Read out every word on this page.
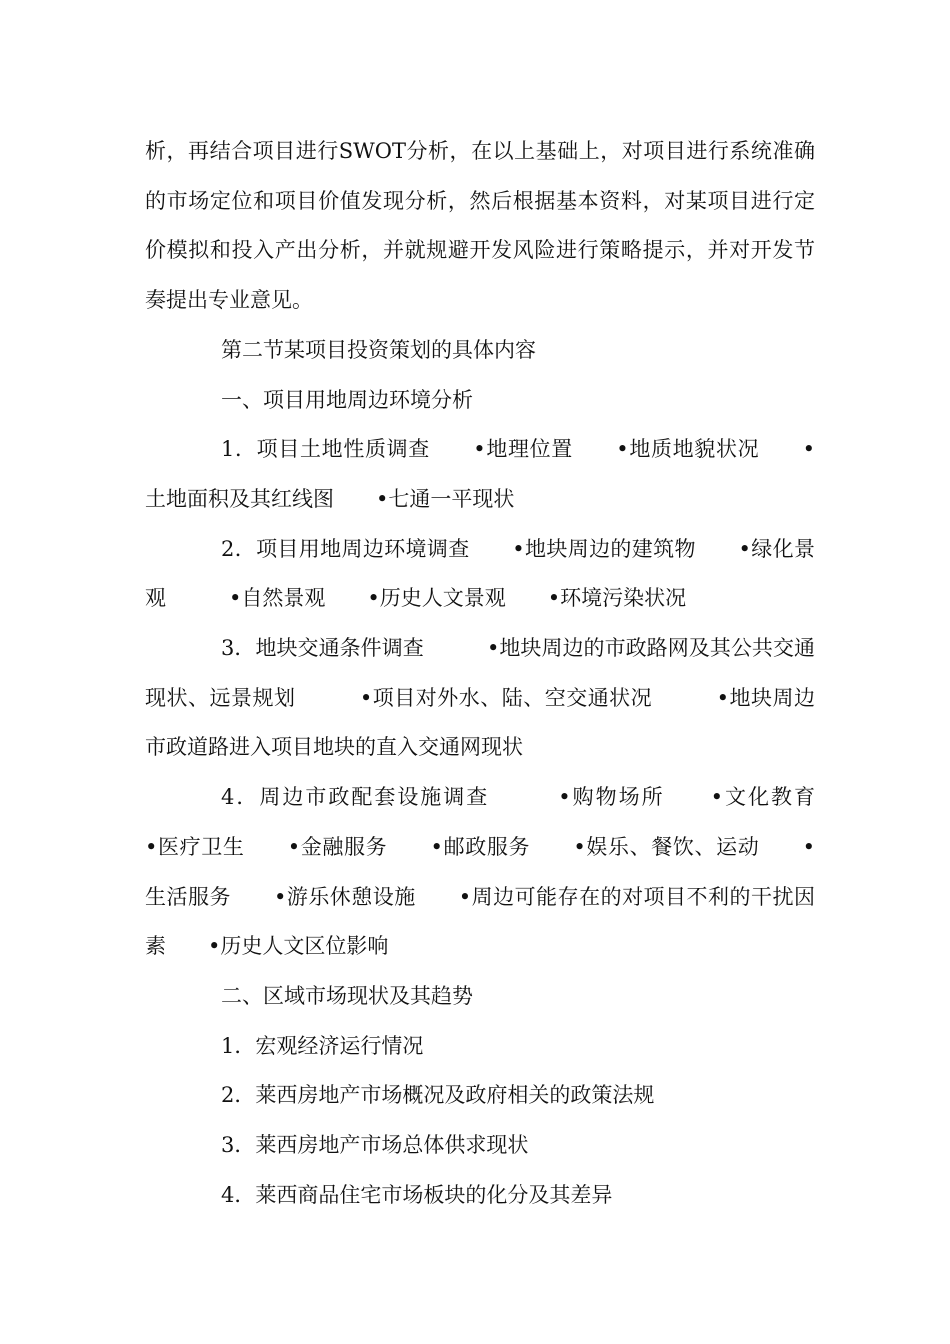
析，再结合项目进行SWOT分析，在以上基础上，对项目进行系统准确的市场定位和项目价值发现分析，然后根据基本资料，对某项目进行定价模拟和投入产出分析，并就规避开发风险进行策略提示，并对开发节奏提出专业意见。

第二节某项目投资策划的具体内容

一、项目用地周边环境分析

1．项目土地性质调查　　•地理位置　　•地质地貌状况　　•土地面积及其红线图　　•七通一平现状

2．项目用地周边环境调查　　•地块周边的建筑物　　•绿化景观　　　•自然景观　　•历史人文景观　　•环境污染状况

3．地块交通条件调查　　　•地块周边的市政路网及其公共交通现状、远景规划　　　•项目对外水、陆、空交通状况　　　•地块周边市政道路进入项目地块的直入交通网现状

4．周边市政配套设施调查　　　•购物场所　　•文化教育　　•医疗卫生　　•金融服务　　•邮政服务　　•娱乐、餐饮、运动　　•生活服务　　•游乐休憩设施　　•周边可能存在的对项目不利的干扰因素　　•历史人文区位影响

二、区域市场现状及其趋势

1．宏观经济运行情况

2．莱西房地产市场概况及政府相关的政策法规

3．莱西房地产市场总体供求现状

4．莱西商品住宅市场板块的化分及其差异
